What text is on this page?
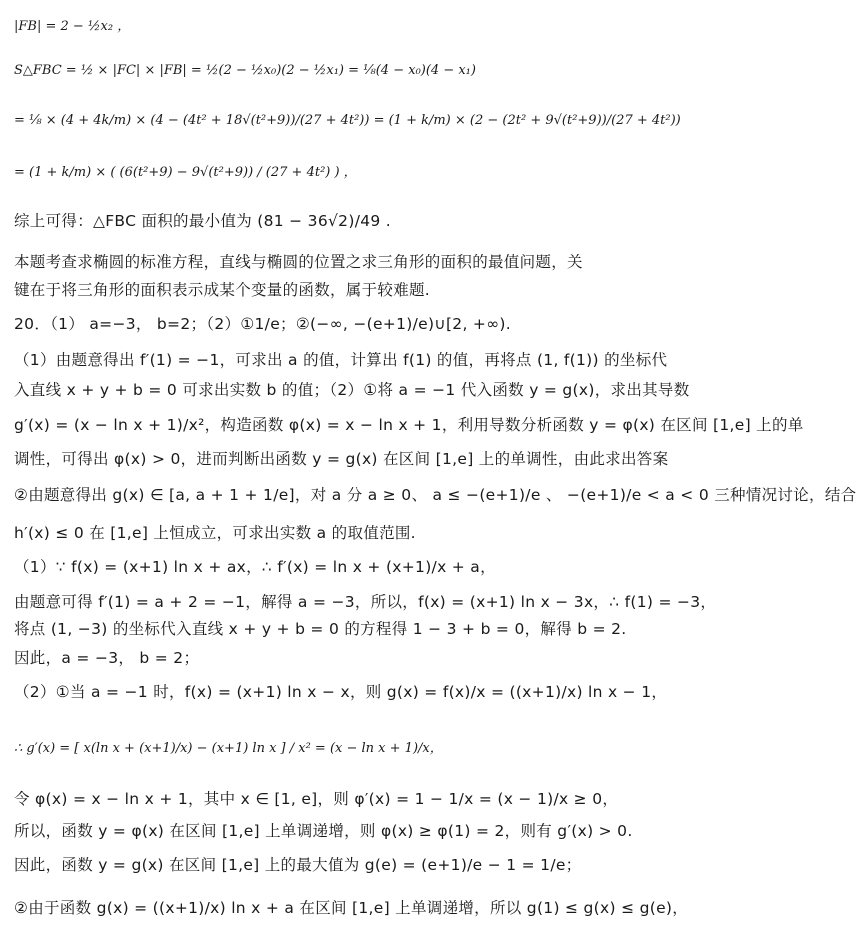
|FB| = 2 − ½x₂ ，
S△FBC = ½ × |FC| × |FB| = ½(2 − ½x₀)(2 − ½x₁) = ⅛(4 − x₀)(4 − x₁)
= ⅛ × (4 + 4k/m) × (4 − (4t² + 18√(t²+9))/(27 + 4t²)) = (1 + k/m) × (2 − (2t² + 9√(t²+9))/(27 + 4t²))
= (1 + k/m) × ( (6(t²+9) − 9√(t²+9)) / (27 + 4t²) ) ，
综上可得：△FBC 面积的最小值为 (81 − 36√2)/49 .
本题考查求椭圆的标准方程，直线与椭圆的位置之求三角形的面积的最值问题，关
键在于将三角形的面积表示成某个变量的函数，属于较难题.
20．（1） a=−3， b=2；（2）①1/e；②(−∞, −(e+1)/e)∪[2, +∞).
（1）由题意得出 f′(1) = −1，可求出 a 的值，计算出 f(1) 的值，再将点 (1, f(1)) 的坐标代
入直线 x + y + b = 0 可求出实数 b 的值；（2）①将 a = −1 代入函数 y = g(x)，求出其导数
g′(x) = (x − ln x + 1)/x²，构造函数 φ(x) = x − ln x + 1，利用导数分析函数 y = φ(x) 在区间 [1,e] 上的单
调性，可得出 φ(x) > 0，进而判断出函数 y = g(x) 在区间 [1,e] 上的单调性，由此求出答案
②由题意得出 g(x) ∈ [a, a + 1 + 1/e]，对 a 分 a ≥ 0、 a ≤ −(e+1)/e 、 −(e+1)/e < a < 0 三种情况讨论，结合
h′(x) ≤ 0 在 [1,e] 上恒成立，可求出实数 a 的取值范围.
（1）∵ f(x) = (x+1) ln x + ax，∴ f′(x) = ln x + (x+1)/x + a，
由题意可得 f′(1) = a + 2 = −1，解得 a = −3，所以，f(x) = (x+1) ln x − 3x，∴ f(1) = −3，
将点 (1, −3) 的坐标代入直线 x + y + b = 0 的方程得 1 − 3 + b = 0，解得 b = 2.
因此，a = −3， b = 2；
（2）①当 a = −1 时，f(x) = (x+1) ln x − x，则 g(x) = f(x)/x = ((x+1)/x) ln x − 1，
∴ g′(x) = [ x(ln x + (x+1)/x) − (x+1) ln x ] / x² = (x − ln x + 1)/x，
令 φ(x) = x − ln x + 1，其中 x ∈ [1, e]，则 φ′(x) = 1 − 1/x = (x − 1)/x ≥ 0，
所以，函数 y = φ(x) 在区间 [1,e] 上单调递增，则 φ(x) ≥ φ(1) = 2，则有 g′(x) > 0.
因此，函数 y = g(x) 在区间 [1,e] 上的最大值为 g(e) = (e+1)/e − 1 = 1/e；
②由于函数 g(x) = ((x+1)/x) ln x + a 在区间 [1,e] 上单调递增，所以 g(1) ≤ g(x) ≤ g(e)，
